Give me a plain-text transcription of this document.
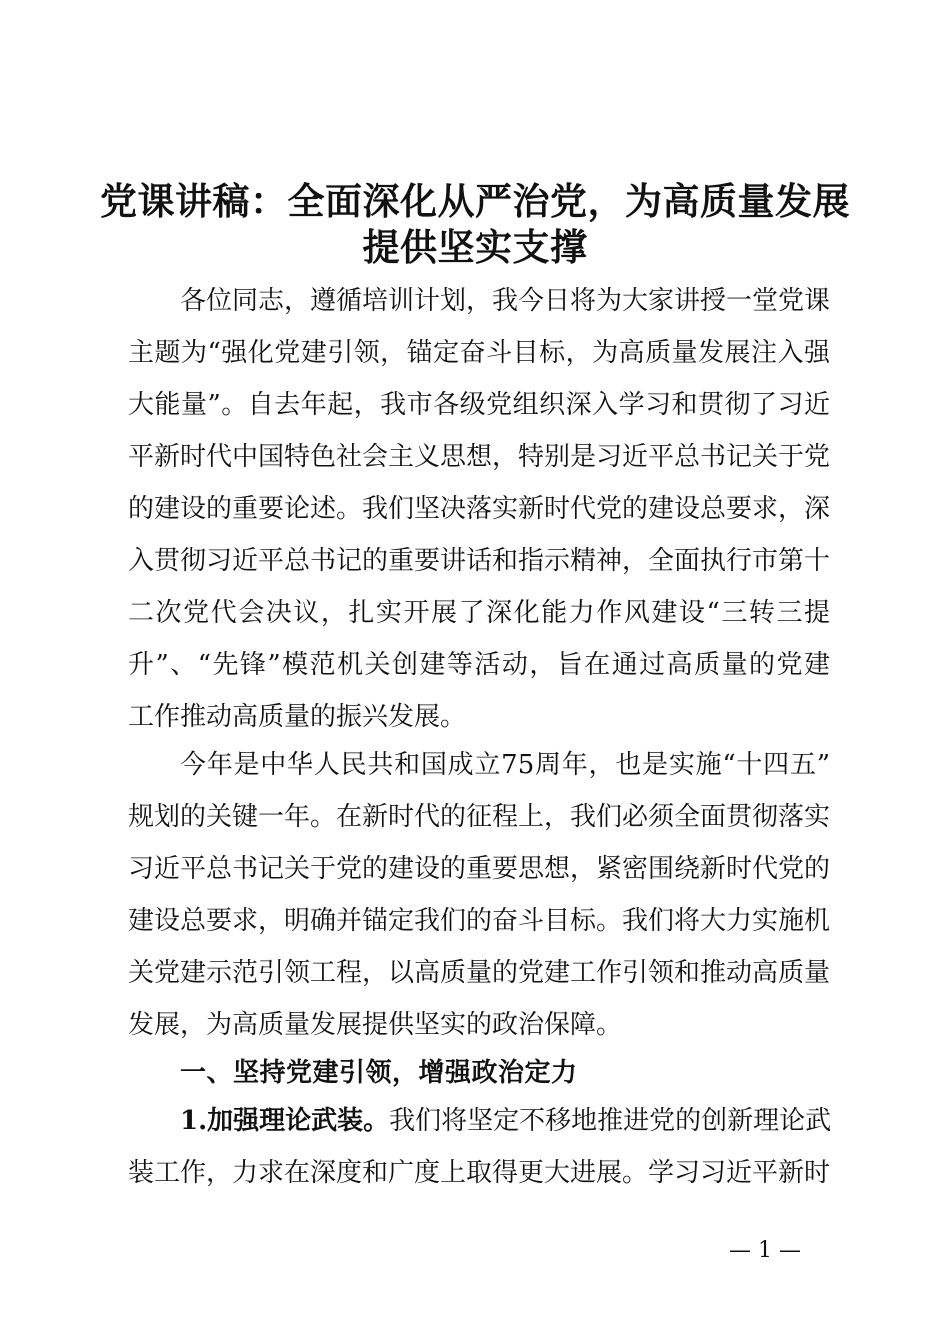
党课讲稿：全面深化从严治党，为高质量发展
提供坚实支撑
各位同志，遵循培训计划，我今日将为大家讲授一堂党课
主题为“强化党建引领，锚定奋斗目标，为高质量发展注入强
大能量”。自去年起，我市各级党组织深入学习和贯彻了习近
平新时代中国特色社会主义思想，特别是习近平总书记关于党
的建设的重要论述。我们坚决落实新时代党的建设总要求，深
入贯彻习近平总书记的重要讲话和指示精神，全面执行市第十
二次党代会决议，扎实开展了深化能力作风建设“三转三提
升”、“先锋”模范机关创建等活动，旨在通过高质量的党建
工作推动高质量的振兴发展。
今年是中华人民共和国成立75周年，也是实施“十四五”
规划的关键一年。在新时代的征程上，我们必须全面贯彻落实
习近平总书记关于党的建设的重要思想，紧密围绕新时代党的
建设总要求，明确并锚定我们的奋斗目标。我们将大力实施机
关党建示范引领工程，以高质量的党建工作引领和推动高质量
发展，为高质量发展提供坚实的政治保障。
一、坚持党建引领，增强政治定力
1.加强理论武装。我们将坚定不移地推进党的创新理论武
装工作，力求在深度和广度上取得更大进展。学习习近平新时
— 1 —
